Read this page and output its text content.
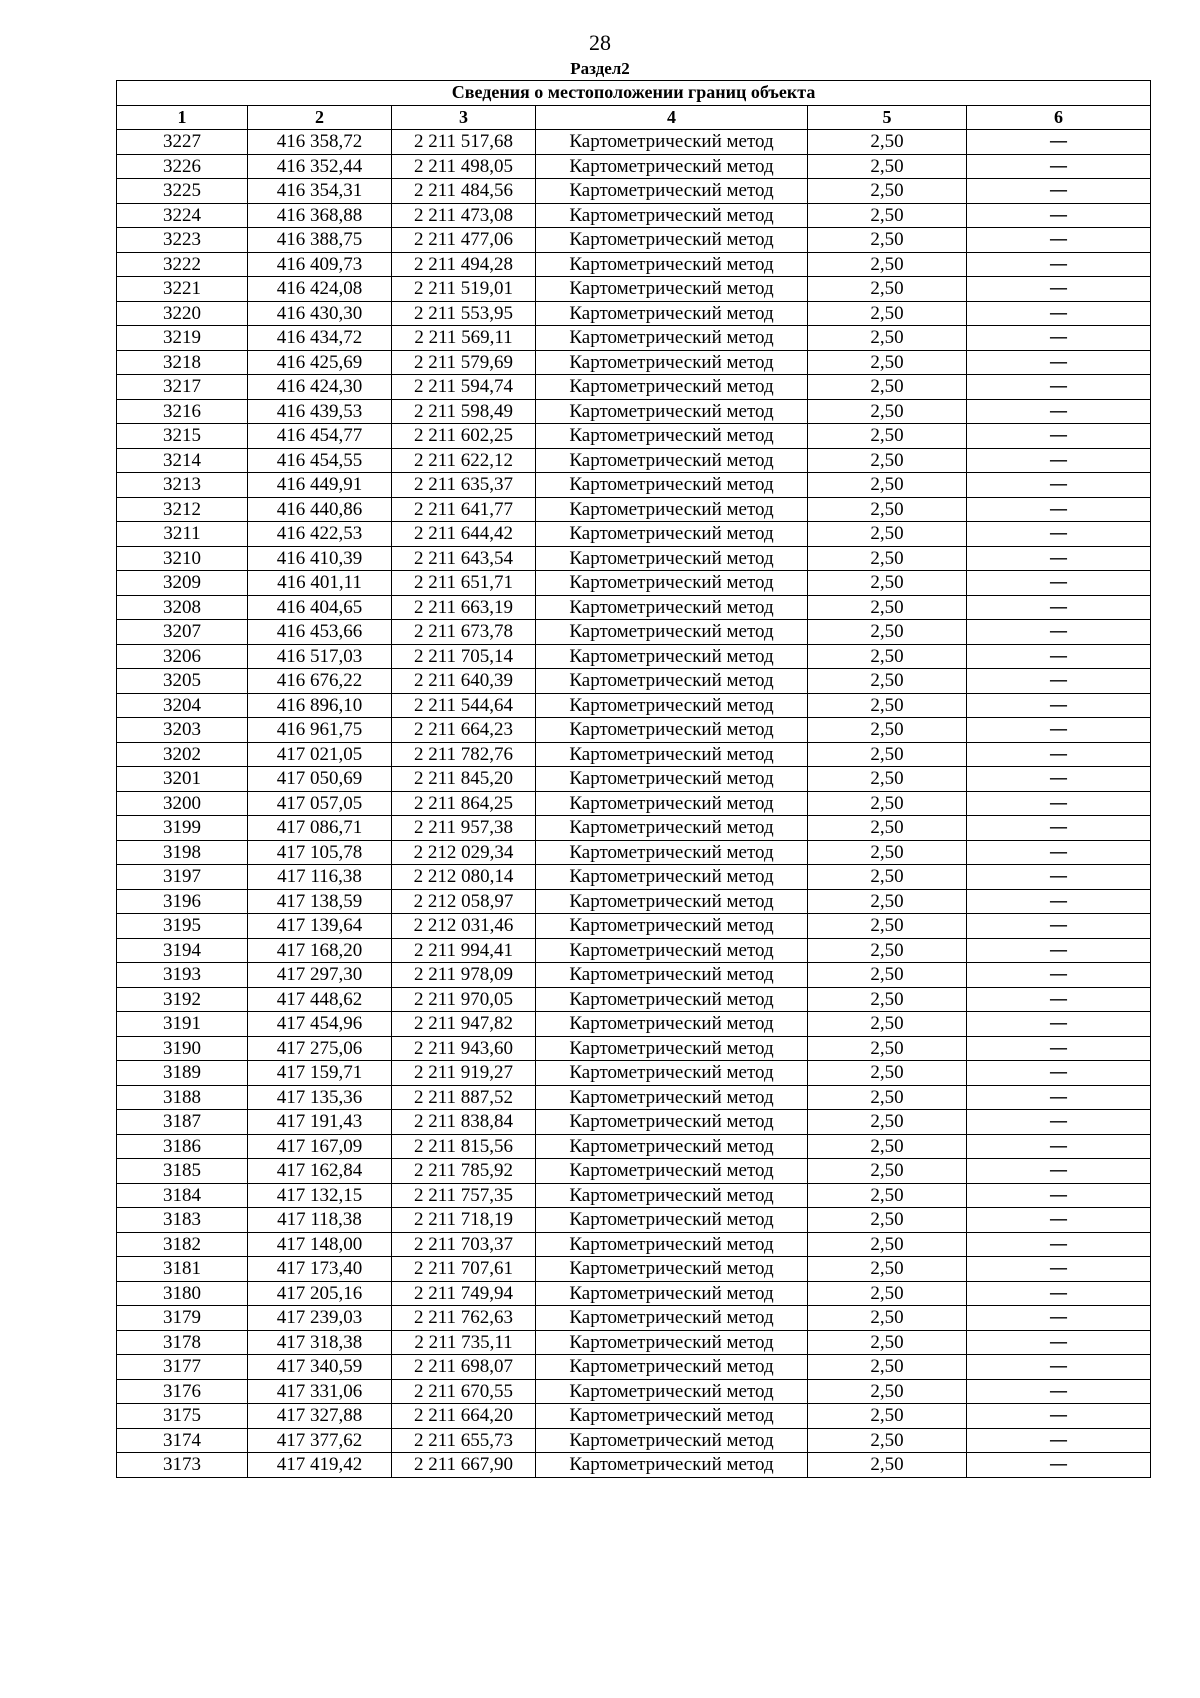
28
Раздел2
Сведения о местоположении границ объекта					
1	2	3	4	5	6
3227	416 358,72	2 211 517,68	Картометрический метод	2,50	—
3226	416 352,44	2 211 498,05	Картометрический метод	2,50	—
3225	416 354,31	2 211 484,56	Картометрический метод	2,50	—
3224	416 368,88	2 211 473,08	Картометрический метод	2,50	—
3223	416 388,75	2 211 477,06	Картометрический метод	2,50	—
3222	416 409,73	2 211 494,28	Картометрический метод	2,50	—
3221	416 424,08	2 211 519,01	Картометрический метод	2,50	—
3220	416 430,30	2 211 553,95	Картометрический метод	2,50	—
3219	416 434,72	2 211 569,11	Картометрический метод	2,50	—
3218	416 425,69	2 211 579,69	Картометрический метод	2,50	—
3217	416 424,30	2 211 594,74	Картометрический метод	2,50	—
3216	416 439,53	2 211 598,49	Картометрический метод	2,50	—
3215	416 454,77	2 211 602,25	Картометрический метод	2,50	—
3214	416 454,55	2 211 622,12	Картометрический метод	2,50	—
3213	416 449,91	2 211 635,37	Картометрический метод	2,50	—
3212	416 440,86	2 211 641,77	Картометрический метод	2,50	—
3211	416 422,53	2 211 644,42	Картометрический метод	2,50	—
3210	416 410,39	2 211 643,54	Картометрический метод	2,50	—
3209	416 401,11	2 211 651,71	Картометрический метод	2,50	—
3208	416 404,65	2 211 663,19	Картометрический метод	2,50	—
3207	416 453,66	2 211 673,78	Картометрический метод	2,50	—
3206	416 517,03	2 211 705,14	Картометрический метод	2,50	—
3205	416 676,22	2 211 640,39	Картометрический метод	2,50	—
3204	416 896,10	2 211 544,64	Картометрический метод	2,50	—
3203	416 961,75	2 211 664,23	Картометрический метод	2,50	—
3202	417 021,05	2 211 782,76	Картометрический метод	2,50	—
3201	417 050,69	2 211 845,20	Картометрический метод	2,50	—
3200	417 057,05	2 211 864,25	Картометрический метод	2,50	—
3199	417 086,71	2 211 957,38	Картометрический метод	2,50	—
3198	417 105,78	2 212 029,34	Картометрический метод	2,50	—
3197	417 116,38	2 212 080,14	Картометрический метод	2,50	—
3196	417 138,59	2 212 058,97	Картометрический метод	2,50	—
3195	417 139,64	2 212 031,46	Картометрический метод	2,50	—
3194	417 168,20	2 211 994,41	Картометрический метод	2,50	—
3193	417 297,30	2 211 978,09	Картометрический метод	2,50	—
3192	417 448,62	2 211 970,05	Картометрический метод	2,50	—
3191	417 454,96	2 211 947,82	Картометрический метод	2,50	—
3190	417 275,06	2 211 943,60	Картометрический метод	2,50	—
3189	417 159,71	2 211 919,27	Картометрический метод	2,50	—
3188	417 135,36	2 211 887,52	Картометрический метод	2,50	—
3187	417 191,43	2 211 838,84	Картометрический метод	2,50	—
3186	417 167,09	2 211 815,56	Картометрический метод	2,50	—
3185	417 162,84	2 211 785,92	Картометрический метод	2,50	—
3184	417 132,15	2 211 757,35	Картометрический метод	2,50	—
3183	417 118,38	2 211 718,19	Картометрический метод	2,50	—
3182	417 148,00	2 211 703,37	Картометрический метод	2,50	—
3181	417 173,40	2 211 707,61	Картометрический метод	2,50	—
3180	417 205,16	2 211 749,94	Картометрический метод	2,50	—
3179	417 239,03	2 211 762,63	Картометрический метод	2,50	—
3178	417 318,38	2 211 735,11	Картометрический метод	2,50	—
3177	417 340,59	2 211 698,07	Картометрический метод	2,50	—
3176	417 331,06	2 211 670,55	Картометрический метод	2,50	—
3175	417 327,88	2 211 664,20	Картометрический метод	2,50	—
3174	417 377,62	2 211 655,73	Картометрический метод	2,50	—
3173	417 419,42	2 211 667,90	Картометрический метод	2,50	—
